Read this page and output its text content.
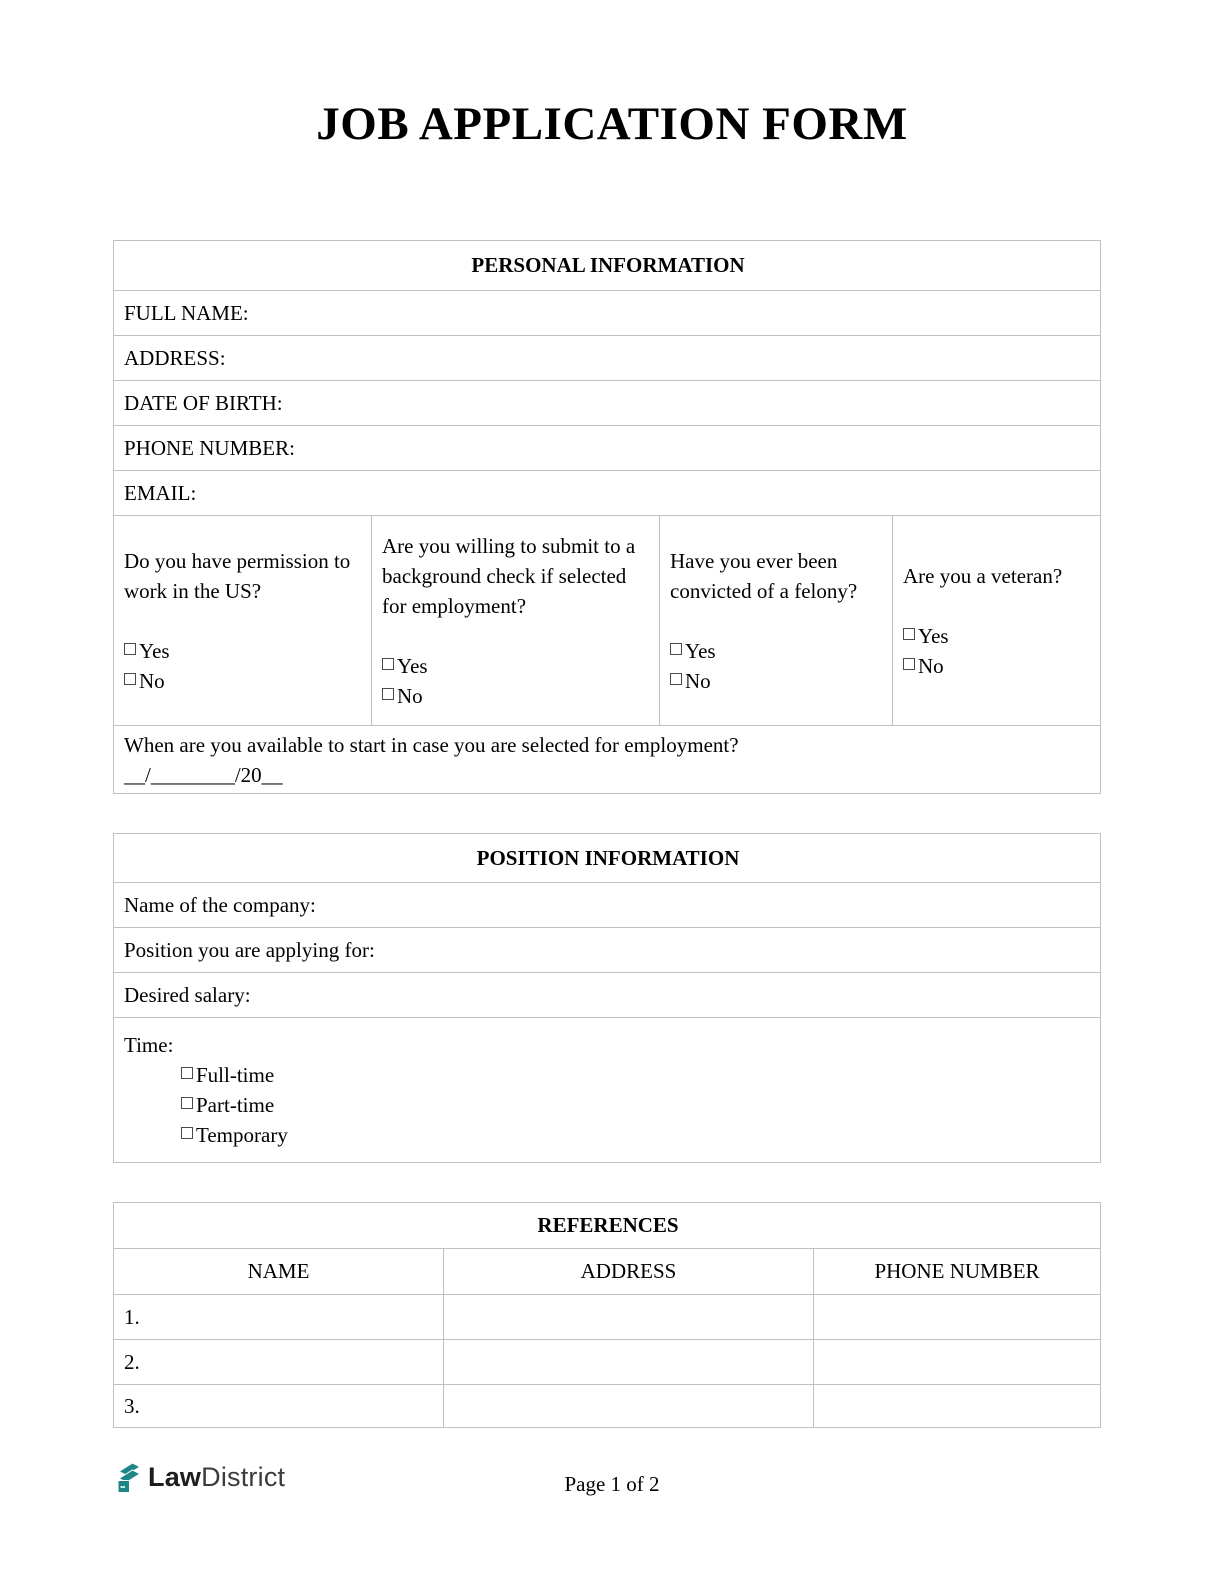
JOB APPLICATION FORM
PERSONAL INFORMATION
FULL NAME:
ADDRESS:
DATE OF BIRTH:
PHONE NUMBER:
EMAIL:

Do you have permission to work in the US?
Yes
No

Are you willing to submit to a background check if selected for employment?
Yes
No

Have you ever been convicted of a felony?
Yes
No

Are you a veteran?
Yes
No

When are you available to start in case you are selected for employment?
__/________/20__
POSITION INFORMATION
Name of the company:
Position you are applying for:
Desired salary:

Time:
Full-time
Part-time
Temporary
REFERENCES		
NAME	ADDRESS	PHONE NUMBER
1.		
2.		
3.		
LawDistrict	Page 1 of 2
